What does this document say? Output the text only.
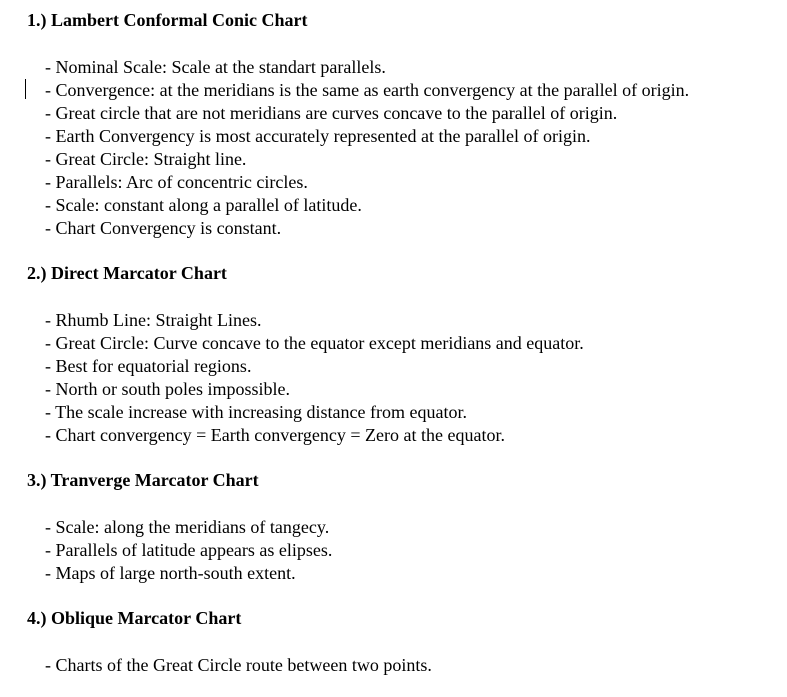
1.) Lambert Conformal Conic Chart
- Nominal Scale: Scale at the standart parallels.
- Convergence: at the meridians is the same as earth convergency at the parallel of origin.
- Great circle that are not meridians are curves concave to the parallel of origin.
- Earth Convergency is most accurately represented at the parallel of origin.
- Great Circle: Straight line.
- Parallels: Arc of concentric circles.
- Scale: constant along a parallel of latitude.
- Chart Convergency is constant.
2.) Direct Marcator Chart
- Rhumb Line: Straight Lines.
- Great Circle: Curve concave to the equator except meridians and equator.
- Best for equatorial regions.
- North or south poles impossible.
- The scale increase with increasing distance from equator.
- Chart convergency = Earth convergency = Zero at the equator.
3.) Tranverge Marcator Chart
- Scale: along the meridians of tangecy.
- Parallels of latitude appears as elipses.
- Maps of large north-south extent.
4.) Oblique Marcator Chart
- Charts of the Great Circle route between two points.
